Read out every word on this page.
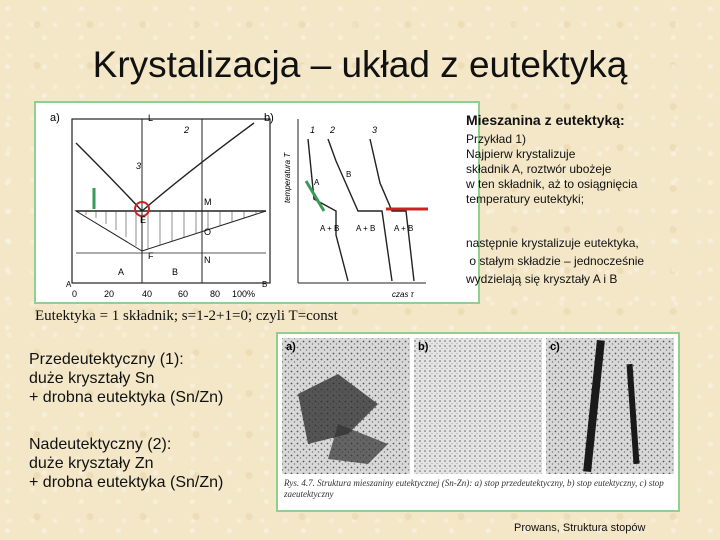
Krystalizacja – układ z eutektyką
a)
2
3
L
M
O
E
F	N
A	B
A	B
0	20	40	60 80 100%
b)
temperatura T
czas τ
1 2	3
A
B
A + B A + B A + B
Mieszanina z eutektyką:
Przykład 1)
Najpierw krystalizuje
składnik A, roztwór ubożeje
w ten składnik, aż to osiągnięcia
temperatury eutektyki;
następnie krystalizuje eutektyka,
o stałym składzie – jednocześnie
wydzielają się kryształy A i B
Eutektyka = 1 składnik; s=1-2+1=0; czyli T=const
Przedeutektyczny (1):
duże kryształy Sn
+ drobna eutektyka (Sn/Zn)
Nadeutektyczny (2):
duże kryształy Zn
+ drobna eutektyka (Sn/Zn)
a)	b)	c)
Rys. 4.7. Struktura mieszaniny eutektycznej (Sn-Zn): a) stop przedeutektyczny, b) stop eutektyczny, c) stop zaeutektyczny
Prowans, Struktura stopów
